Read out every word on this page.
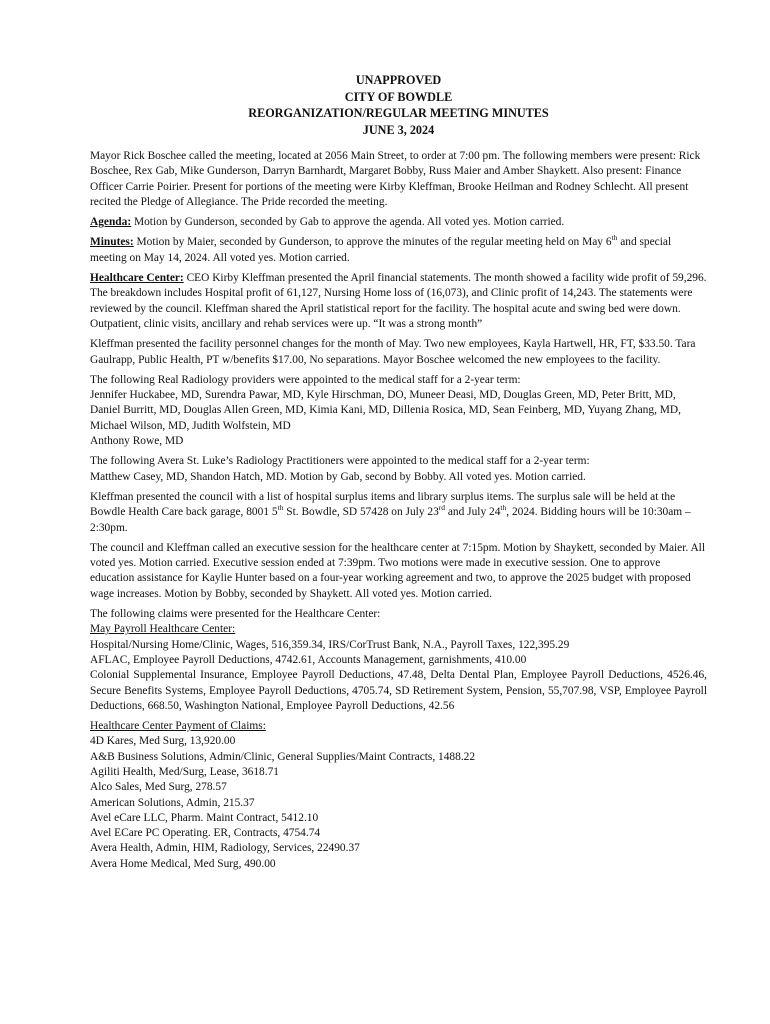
UNAPPROVED
CITY OF BOWDLE
REORGANIZATION/REGULAR MEETING MINUTES
JUNE 3, 2024

Mayor Rick Boschee called the meeting, located at 2056 Main Street, to order at 7:00 pm. The following members were present: Rick Boschee, Rex Gab, Mike Gunderson, Darryn Barnhardt, Margaret Bobby, Russ Maier and Amber Shaykett. Also present: Finance Officer Carrie Poirier. Present for portions of the meeting were Kirby Kleffman, Brooke Heilman and Rodney Schlecht. All present recited the Pledge of Allegiance. The Pride recorded the meeting.

Agenda: Motion by Gunderson, seconded by Gab to approve the agenda. All voted yes. Motion carried.

Minutes: Motion by Maier, seconded by Gunderson, to approve the minutes of the regular meeting held on May 6th and special meeting on May 14, 2024. All voted yes. Motion carried.

Healthcare Center: CEO Kirby Kleffman presented the April financial statements. The month showed a facility wide profit of 59,296. The breakdown includes Hospital profit of 61,127, Nursing Home loss of (16,073), and Clinic profit of 14,243. The statements were reviewed by the council. Kleffman shared the April statistical report for the facility. The hospital acute and swing bed were down. Outpatient, clinic visits, ancillary and rehab services were up. “It was a strong month”

Kleffman presented the facility personnel changes for the month of May. Two new employees, Kayla Hartwell, HR, FT, $33.50. Tara Gaulrapp, Public Health, PT w/benefits $17.00, No separations. Mayor Boschee welcomed the new employees to the facility.

The following Real Radiology providers were appointed to the medical staff for a 2-year term:
Jennifer Huckabee, MD, Surendra Pawar, MD, Kyle Hirschman, DO, Muneer Deasi, MD, Douglas Green, MD, Peter Britt, MD, Daniel Burritt, MD, Douglas Allen Green, MD, Kimia Kani, MD, Dillenia Rosica, MD, Sean Feinberg, MD, Yuyang Zhang, MD, Michael Wilson, MD, Judith Wolfstein, MD
Anthony Rowe, MD
The following Avera St. Luke’s Radiology Practitioners were appointed to the medical staff for a 2-year term:
Matthew Casey, MD, Shandon Hatch, MD. Motion by Gab, second by Bobby. All voted yes. Motion carried.

Kleffman presented the council with a list of hospital surplus items and library surplus items. The surplus sale will be held at the Bowdle Health Care back garage, 8001 5th St. Bowdle, SD 57428 on July 23rd and July 24th, 2024. Bidding hours will be 10:30am – 2:30pm.

The council and Kleffman called an executive session for the healthcare center at 7:15pm. Motion by Shaykett, seconded by Maier. All voted yes. Motion carried. Executive session ended at 7:39pm. Two motions were made in executive session. One to approve education assistance for Kaylie Hunter based on a four-year working agreement and two, to approve the 2025 budget with proposed wage increases. Motion by Bobby, seconded by Shaykett. All voted yes. Motion carried.

The following claims were presented for the Healthcare Center:
May Payroll Healthcare Center:
Hospital/Nursing Home/Clinic, Wages, 516,359.34, IRS/CorTrust Bank, N.A., Payroll Taxes, 122,395.29
AFLAC, Employee Payroll Deductions, 4742.61, Accounts Management, garnishments, 410.00
Colonial Supplemental Insurance, Employee Payroll Deductions, 47.48, Delta Dental Plan, Employee Payroll Deductions, 4526.46, Secure Benefits Systems, Employee Payroll Deductions, 4705.74, SD Retirement System, Pension, 55,707.98, VSP, Employee Payroll Deductions, 668.50, Washington National, Employee Payroll Deductions, 42.56
Healthcare Center Payment of Claims:
4D Kares, Med Surg, 13,920.00
A&B Business Solutions, Admin/Clinic, General Supplies/Maint Contracts, 1488.22
Agiliti Health, Med/Surg, Lease, 3618.71
Alco Sales, Med Surg, 278.57
American Solutions, Admin, 215.37
Avel eCare LLC, Pharm. Maint Contract, 5412.10
Avel ECare PC Operating. ER, Contracts, 4754.74
Avera Health, Admin, HIM, Radiology, Services, 22490.37
Avera Home Medical, Med Surg, 490.00
